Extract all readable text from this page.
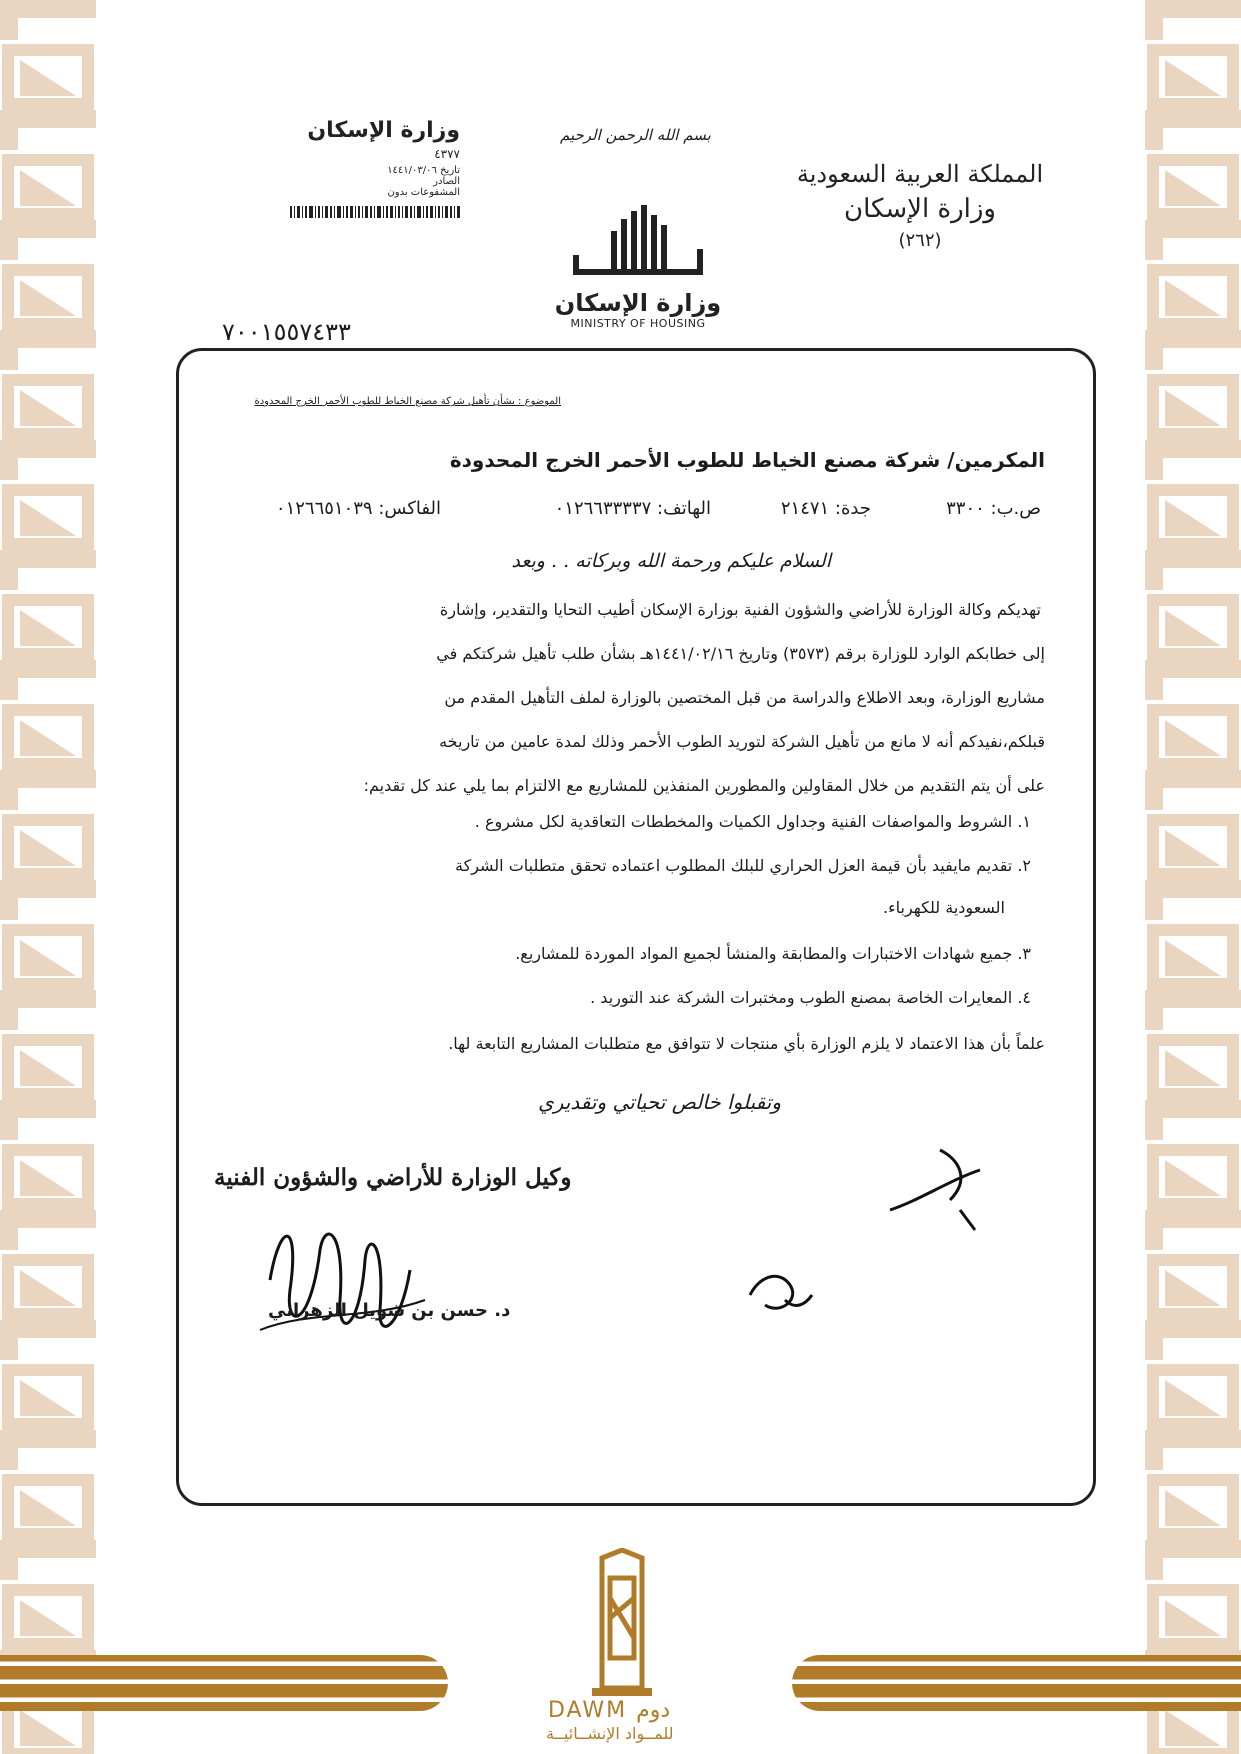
بسم الله الرحمن الرحيم
المملكة العربية السعودية
وزارة الإسكان
(٢٦٢)
وزارة الإسكان
MINISTRY OF HOUSING
وزارة الإسكان
٤٣٧٧
تاريخ ١٤٤١/٠٣/٠٦
الصادر
المشفوعات بدون
٧٠٠١٥٥٧٤٣٣
الموضوع : بشأن تأهيل شركة مصنع الخياط للطوب الأحمر الخرج المحدودة
المكرمين/ شركة مصنع الخياط للطوب الأحمر الخرج المحدودة
ص.ب: ٣٣٠٠
جدة: ٢١٤٧١
الهاتف: ٠١٢٦٦٣٣٣٣٧
الفاكس: ٠١٢٦٦٥١٠٣٩
السلام عليكم ورحمة الله وبركاته . . وبعد
تهديكم وكالة الوزارة للأراضي والشؤون الفنية بوزارة الإسكان أطيب التحايا والتقدير، وإشارة
إلى خطابكم الوارد للوزارة برقم (٣٥٧٣) وتاريخ ١٤٤١/٠٢/١٦هـ بشأن طلب تأهيل شركتكم في
مشاريع الوزارة، وبعد الاطلاع والدراسة من قبل المختصين بالوزارة لملف التأهيل المقدم من
قبلكم،نفيدكم أنه لا مانع من تأهيل الشركة لتوريد الطوب الأحمر وذلك لمدة عامين من تاريخه
على أن يتم التقديم من خلال المقاولين والمطورين المنفذين للمشاريع مع الالتزام بما يلي عند كل تقديم:
١. الشروط والمواصفات الفنية وجداول الكميات والمخططات التعاقدية لكل مشروع .
٢. تقديم مايفيد بأن قيمة العزل الحراري للبلك المطلوب اعتماده تحقق متطلبات الشركة
السعودية للكهرباء.
٣. جميع شهادات الاختبارات والمطابقة والمنشأ لجميع المواد الموردة للمشاريع.
٤. المعايرات الخاصة بمصنع الطوب ومختبرات الشركة عند التوريد .
علماً بأن هذا الاعتماد لا يلزم الوزارة بأي منتجات لا تتوافق مع متطلبات المشاريع التابعة لها.
وتقبلوا خالص تحياتي وتقديري
وكيل الوزارة للأراضي والشؤون الفنية
د. حسن بن شويل الزهراني
DAWM دوم
للمــواد الإنشــائيــة
